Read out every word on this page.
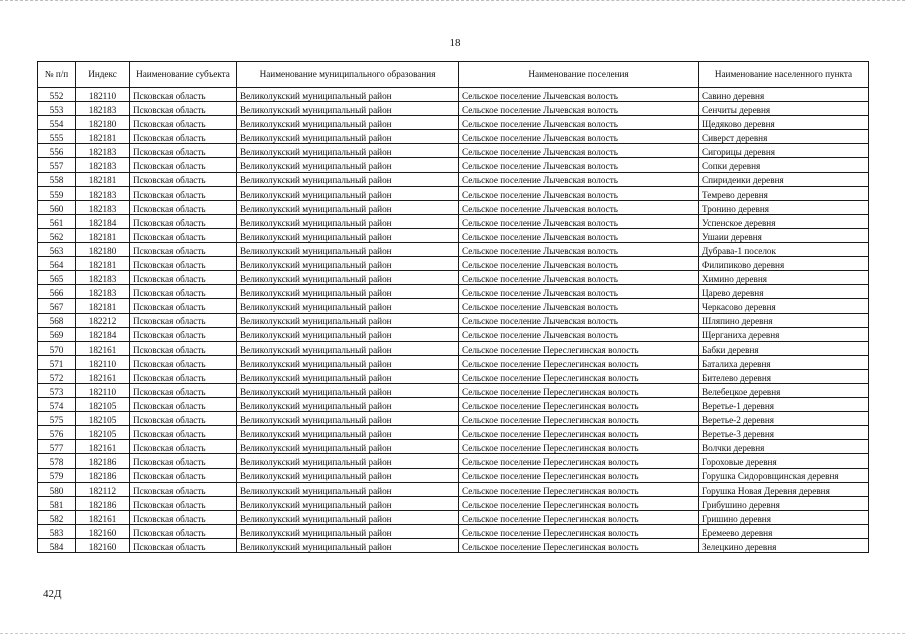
18
№ п/п	Индекс	Наименование субъекта	Наименование муниципального образования	Наименование поселения	Наименование населенного пункта
552	182110	Псковская область	Великолукский муниципальный район	Сельское поселение Лычевская волость	Савино деревня
553	182183	Псковская область	Великолукский муниципальный район	Сельское поселение Лычевская волость	Сенчиты деревня
554	182180	Псковская область	Великолукский муниципальный район	Сельское поселение Лычевская волость	Щедяково деревня
555	182181	Псковская область	Великолукский муниципальный район	Сельское поселение Лычевская волость	Сиверст деревня
556	182183	Псковская область	Великолукский муниципальный район	Сельское поселение Лычевская волость	Сигорицы деревня
557	182183	Псковская область	Великолукский муниципальный район	Сельское поселение Лычевская волость	Сопки деревня
558	182181	Псковская область	Великолукский муниципальный район	Сельское поселение Лычевская волость	Спиридеики деревня
559	182183	Псковская область	Великолукский муниципальный район	Сельское поселение Лычевская волость	Темрево деревня
560	182183	Псковская область	Великолукский муниципальный район	Сельское поселение Лычевская волость	Тронино деревня
561	182184	Псковская область	Великолукский муниципальный район	Сельское поселение Лычевская волость	Успенское деревня
562	182181	Псковская область	Великолукский муниципальный район	Сельское поселение Лычевская волость	Ушаии деревня
563	182180	Псковская область	Великолукский муниципальный район	Сельское поселение Лычевская волость	Дубрава-1 поселок
564	182181	Псковская область	Великолукский муниципальный район	Сельское поселение Лычевская волость	Филипиково деревня
565	182183	Псковская область	Великолукский муниципальный район	Сельское поселение Лычевская волость	Химино деревня
566	182183	Псковская область	Великолукский муниципальный район	Сельское поселение Лычевская волость	Царево деревня
567	182181	Псковская область	Великолукский муниципальный район	Сельское поселение Лычевская волость	Черкасово деревня
568	182212	Псковская область	Великолукский муниципальный район	Сельское поселение Лычевская волость	Шляпино деревня
569	182184	Псковская область	Великолукский муниципальный район	Сельское поселение Лычевская волость	Щерганиха деревня
570	182161	Псковская область	Великолукский муниципальный район	Сельское поселение Переслегинская волость	Бабки деревня
571	182110	Псковская область	Великолукский муниципальный район	Сельское поселение Переслегинская волость	Баталиха деревня
572	182161	Псковская область	Великолукский муниципальный район	Сельское поселение Переслегинская волость	Бителево деревня
573	182110	Псковская область	Великолукский муниципальный район	Сельское поселение Переслегинская волость	Велебецкое деревня
574	182105	Псковская область	Великолукский муниципальный район	Сельское поселение Переслегинская волость	Веретье-1 деревня
575	182105	Псковская область	Великолукский муниципальный район	Сельское поселение Переслегинская волость	Веретье-2 деревня
576	182105	Псковская область	Великолукский муниципальный район	Сельское поселение Переслегинская волость	Веретье-3 деревня
577	182161	Псковская область	Великолукский муниципальный район	Сельское поселение Переслегинская волость	Волчки деревня
578	182186	Псковская область	Великолукский муниципальный район	Сельское поселение Переслегинская волость	Гороховые деревня
579	182186	Псковская область	Великолукский муниципальный район	Сельское поселение Переслегинская волость	Горушка Сидоровщинская деревня
580	182112	Псковская область	Великолукский муниципальный район	Сельское поселение Переслегинская волость	Горушка Новая Деревня деревня
581	182186	Псковская область	Великолукский муниципальный район	Сельское поселение Переслегинская волость	Грибушино деревня
582	182161	Псковская область	Великолукский муниципальный район	Сельское поселение Переслегинская волость	Гришино деревня
583	182160	Псковская область	Великолукский муниципальный район	Сельское поселение Переслегинская волость	Еремеево деревня
584	182160	Псковская область	Великолукский муниципальный район	Сельское поселение Переслегинская волость	Зелецкино деревня
42Д
